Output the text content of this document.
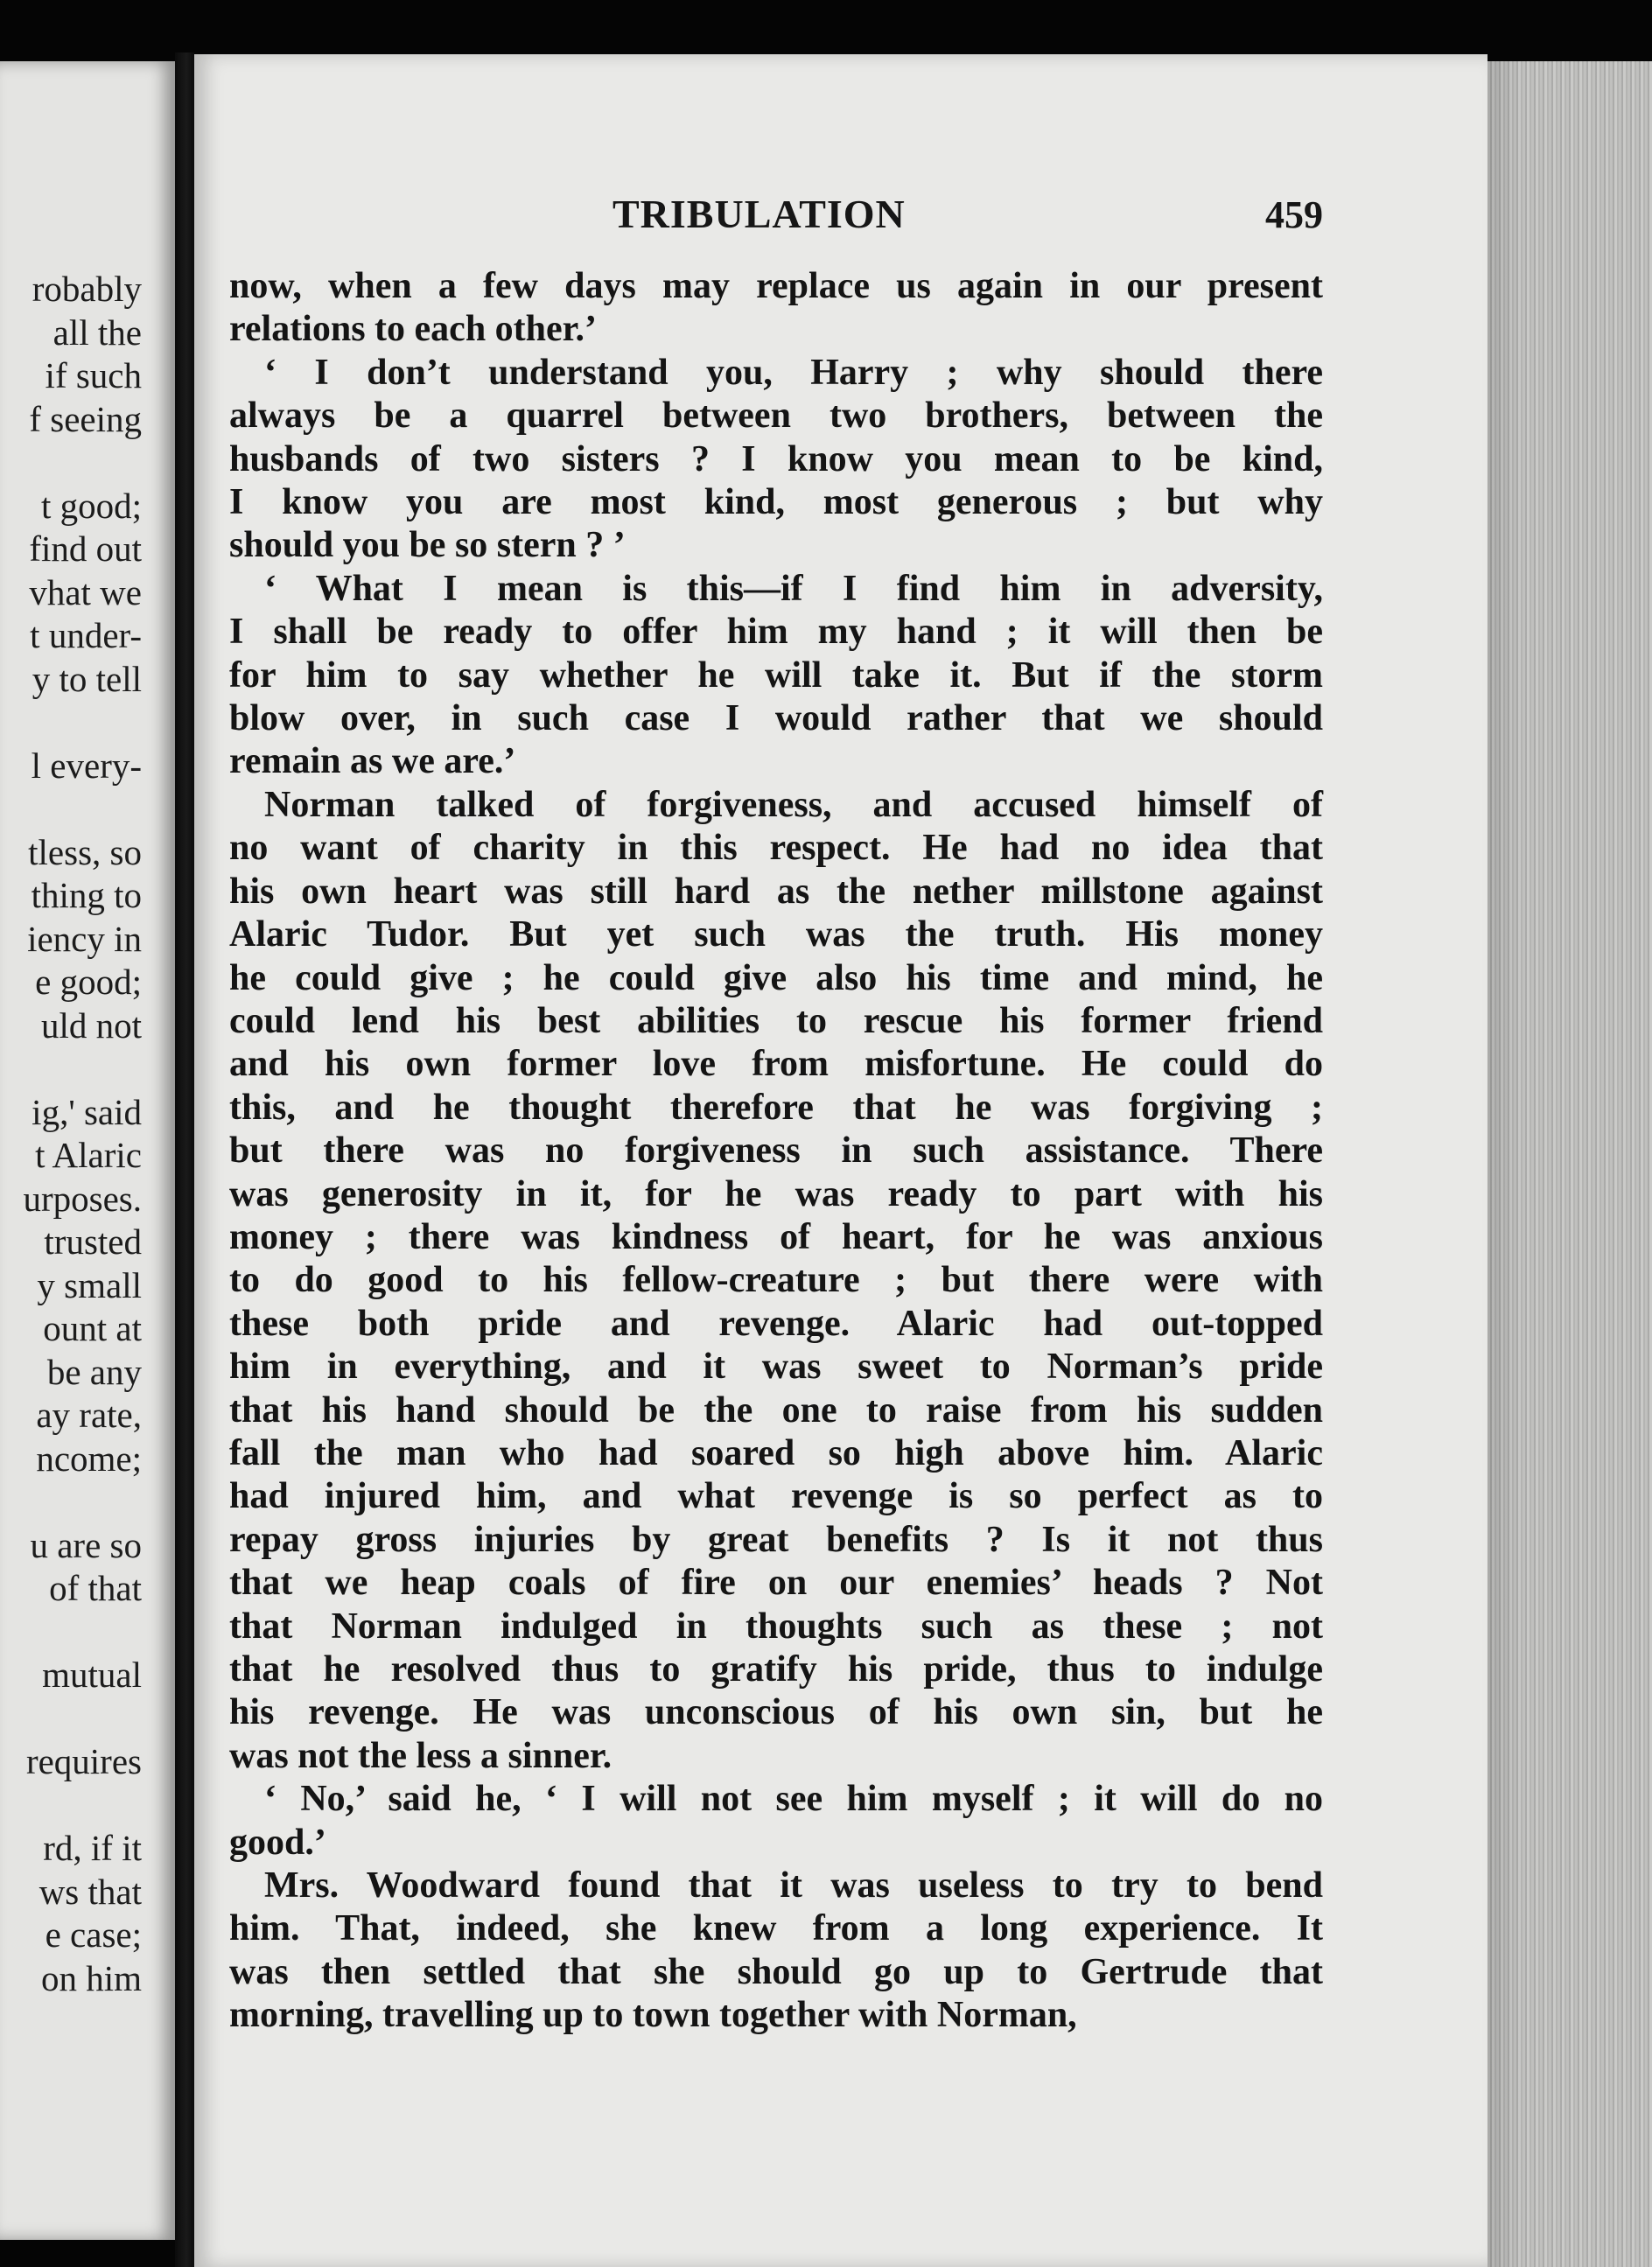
robably
all the
if such
f seeing

t good;
find out
vhat we
t under-
y to tell

l every-

tless, so
thing to
iency in
e good;
uld not

ig,' said
t Alaric
urposes.
trusted
y small
ount at
be any
ay rate,
ncome;

u are so
of that

mutual

requires

rd, if it
ws that
e case;
on him
TRIBULATION	459

now, when a few days may replace us again in our present
relations to each other.’

‘ I don’t understand you, Harry ; why should there
always be a quarrel between two brothers, between the
husbands of two sisters ? I know you mean to be kind,
I know you are most kind, most generous ; but why
should you be so stern ? ’

‘ What I mean is this—if I find him in adversity,
I shall be ready to offer him my hand ; it will then be
for him to say whether he will take it. But if the storm
blow over, in such case I would rather that we should
remain as we are.’

Norman talked of forgiveness, and accused himself of
no want of charity in this respect. He had no idea that
his own heart was still hard as the nether millstone against
Alaric Tudor. But yet such was the truth. His money
he could give ; he could give also his time and mind, he
could lend his best abilities to rescue his former friend
and his own former love from misfortune. He could do
this, and he thought therefore that he was forgiving ;
but there was no forgiveness in such assistance. There
was generosity in it, for he was ready to part with his
money ; there was kindness of heart, for he was anxious
to do good to his fellow-creature ; but there were with
these both pride and revenge. Alaric had out-topped
him in everything, and it was sweet to Norman’s pride
that his hand should be the one to raise from his sudden
fall the man who had soared so high above him. Alaric
had injured him, and what revenge is so perfect as to
repay gross injuries by great benefits ? Is it not thus
that we heap coals of fire on our enemies’ heads ? Not
that Norman indulged in thoughts such as these ; not
that he resolved thus to gratify his pride, thus to indulge
his revenge. He was unconscious of his own sin, but he
was not the less a sinner.

‘ No,’ said he, ‘ I will not see him myself ; it will do no
good.’

Mrs. Woodward found that it was useless to try to bend
him. That, indeed, she knew from a long experience. It
was then settled that she should go up to Gertrude that
morning, travelling up to town together with Norman,
